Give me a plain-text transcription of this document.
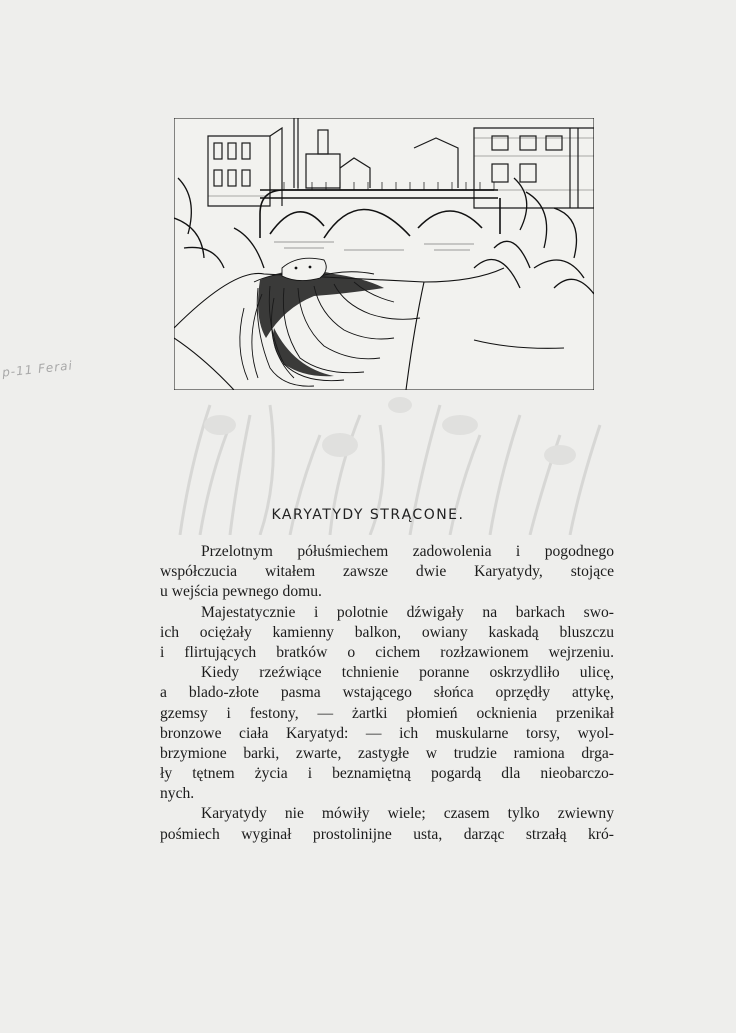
p-11 Ferai
KARYATYDY STRĄCONE.
Przelotnym półuśmiechem zadowolenia i pogodnego
współczucia witałem zawsze dwie Karyatydy, stojące
u wejścia pewnego domu.
Majestatycznie i polotnie dźwigały na barkach swo-
ich ociężały kamienny balkon, owiany kaskadą bluszczu
i flirtujących bratków o cichem rozłzawionem wejrzeniu.
Kiedy rzeźwiące tchnienie poranne oskrzydliło ulicę,
a blado-złote pasma wstającego słońca oprzędły attykę,
gzemsy i festony, — żartki płomień ocknienia przenikał
bronzowe ciała Karyatyd: — ich muskularne torsy, wyol-
brzymione barki, zwarte, zastygłe w trudzie ramiona drga-
ły tętnem życia i beznamiętną pogardą dla nieobarczo-
nych.
Karyatydy nie mówiły wiele; czasem tylko zwiewny
pośmiech wyginał prostolinijne usta, darząc strzałą kró-
